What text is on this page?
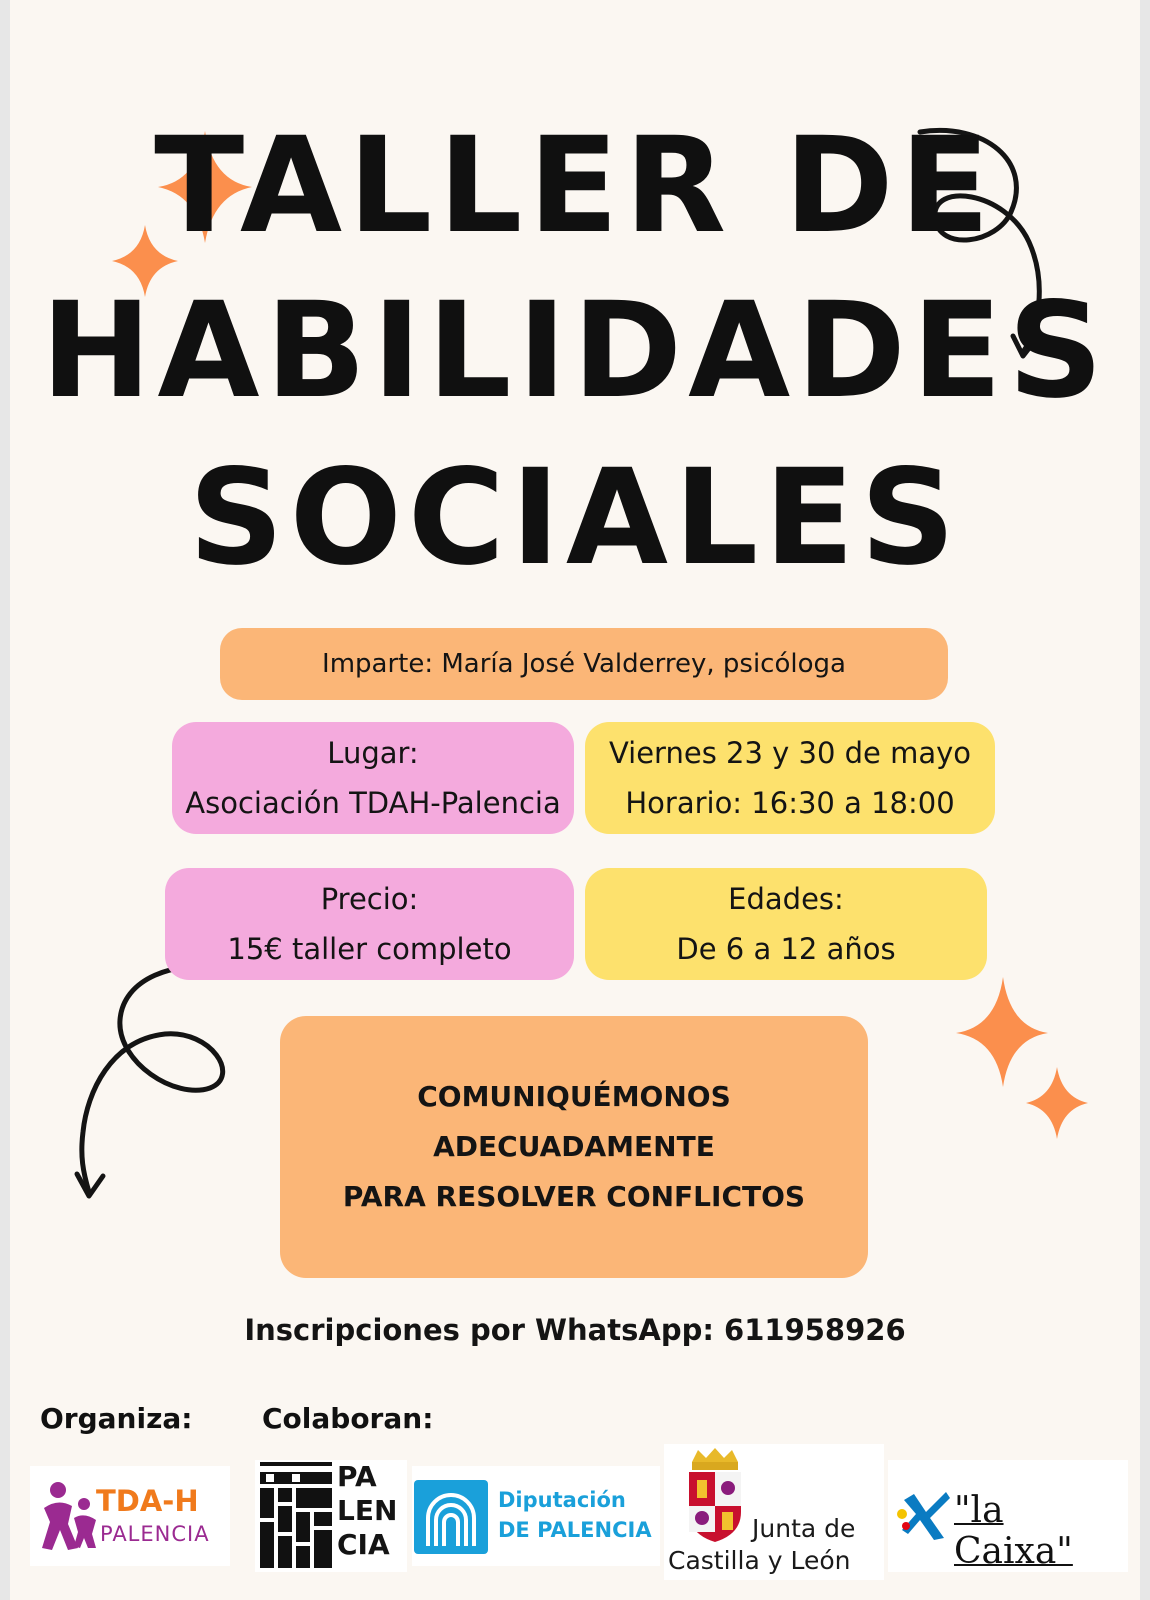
TALLER DE
HABILIDADES
SOCIALES
Imparte: María José Valderrey, psicóloga
Lugar:
Asociación TDAH-Palencia
Viernes 23 y 30 de mayo
Horario: 16:30 a 18:00
Precio:
15€ taller completo
Edades:
De 6 a 12 años
COMUNIQUÉMONOS
ADECUADAMENTE
PARA RESOLVER CONFLICTOS
Inscripciones por WhatsApp: 611958926
Organiza: Colaboran:
TDA-H
PALENCIA
PA
LEN
CIA
Diputación
DE PALENCIA	Junta de
Castilla y León
"la Caixa"
